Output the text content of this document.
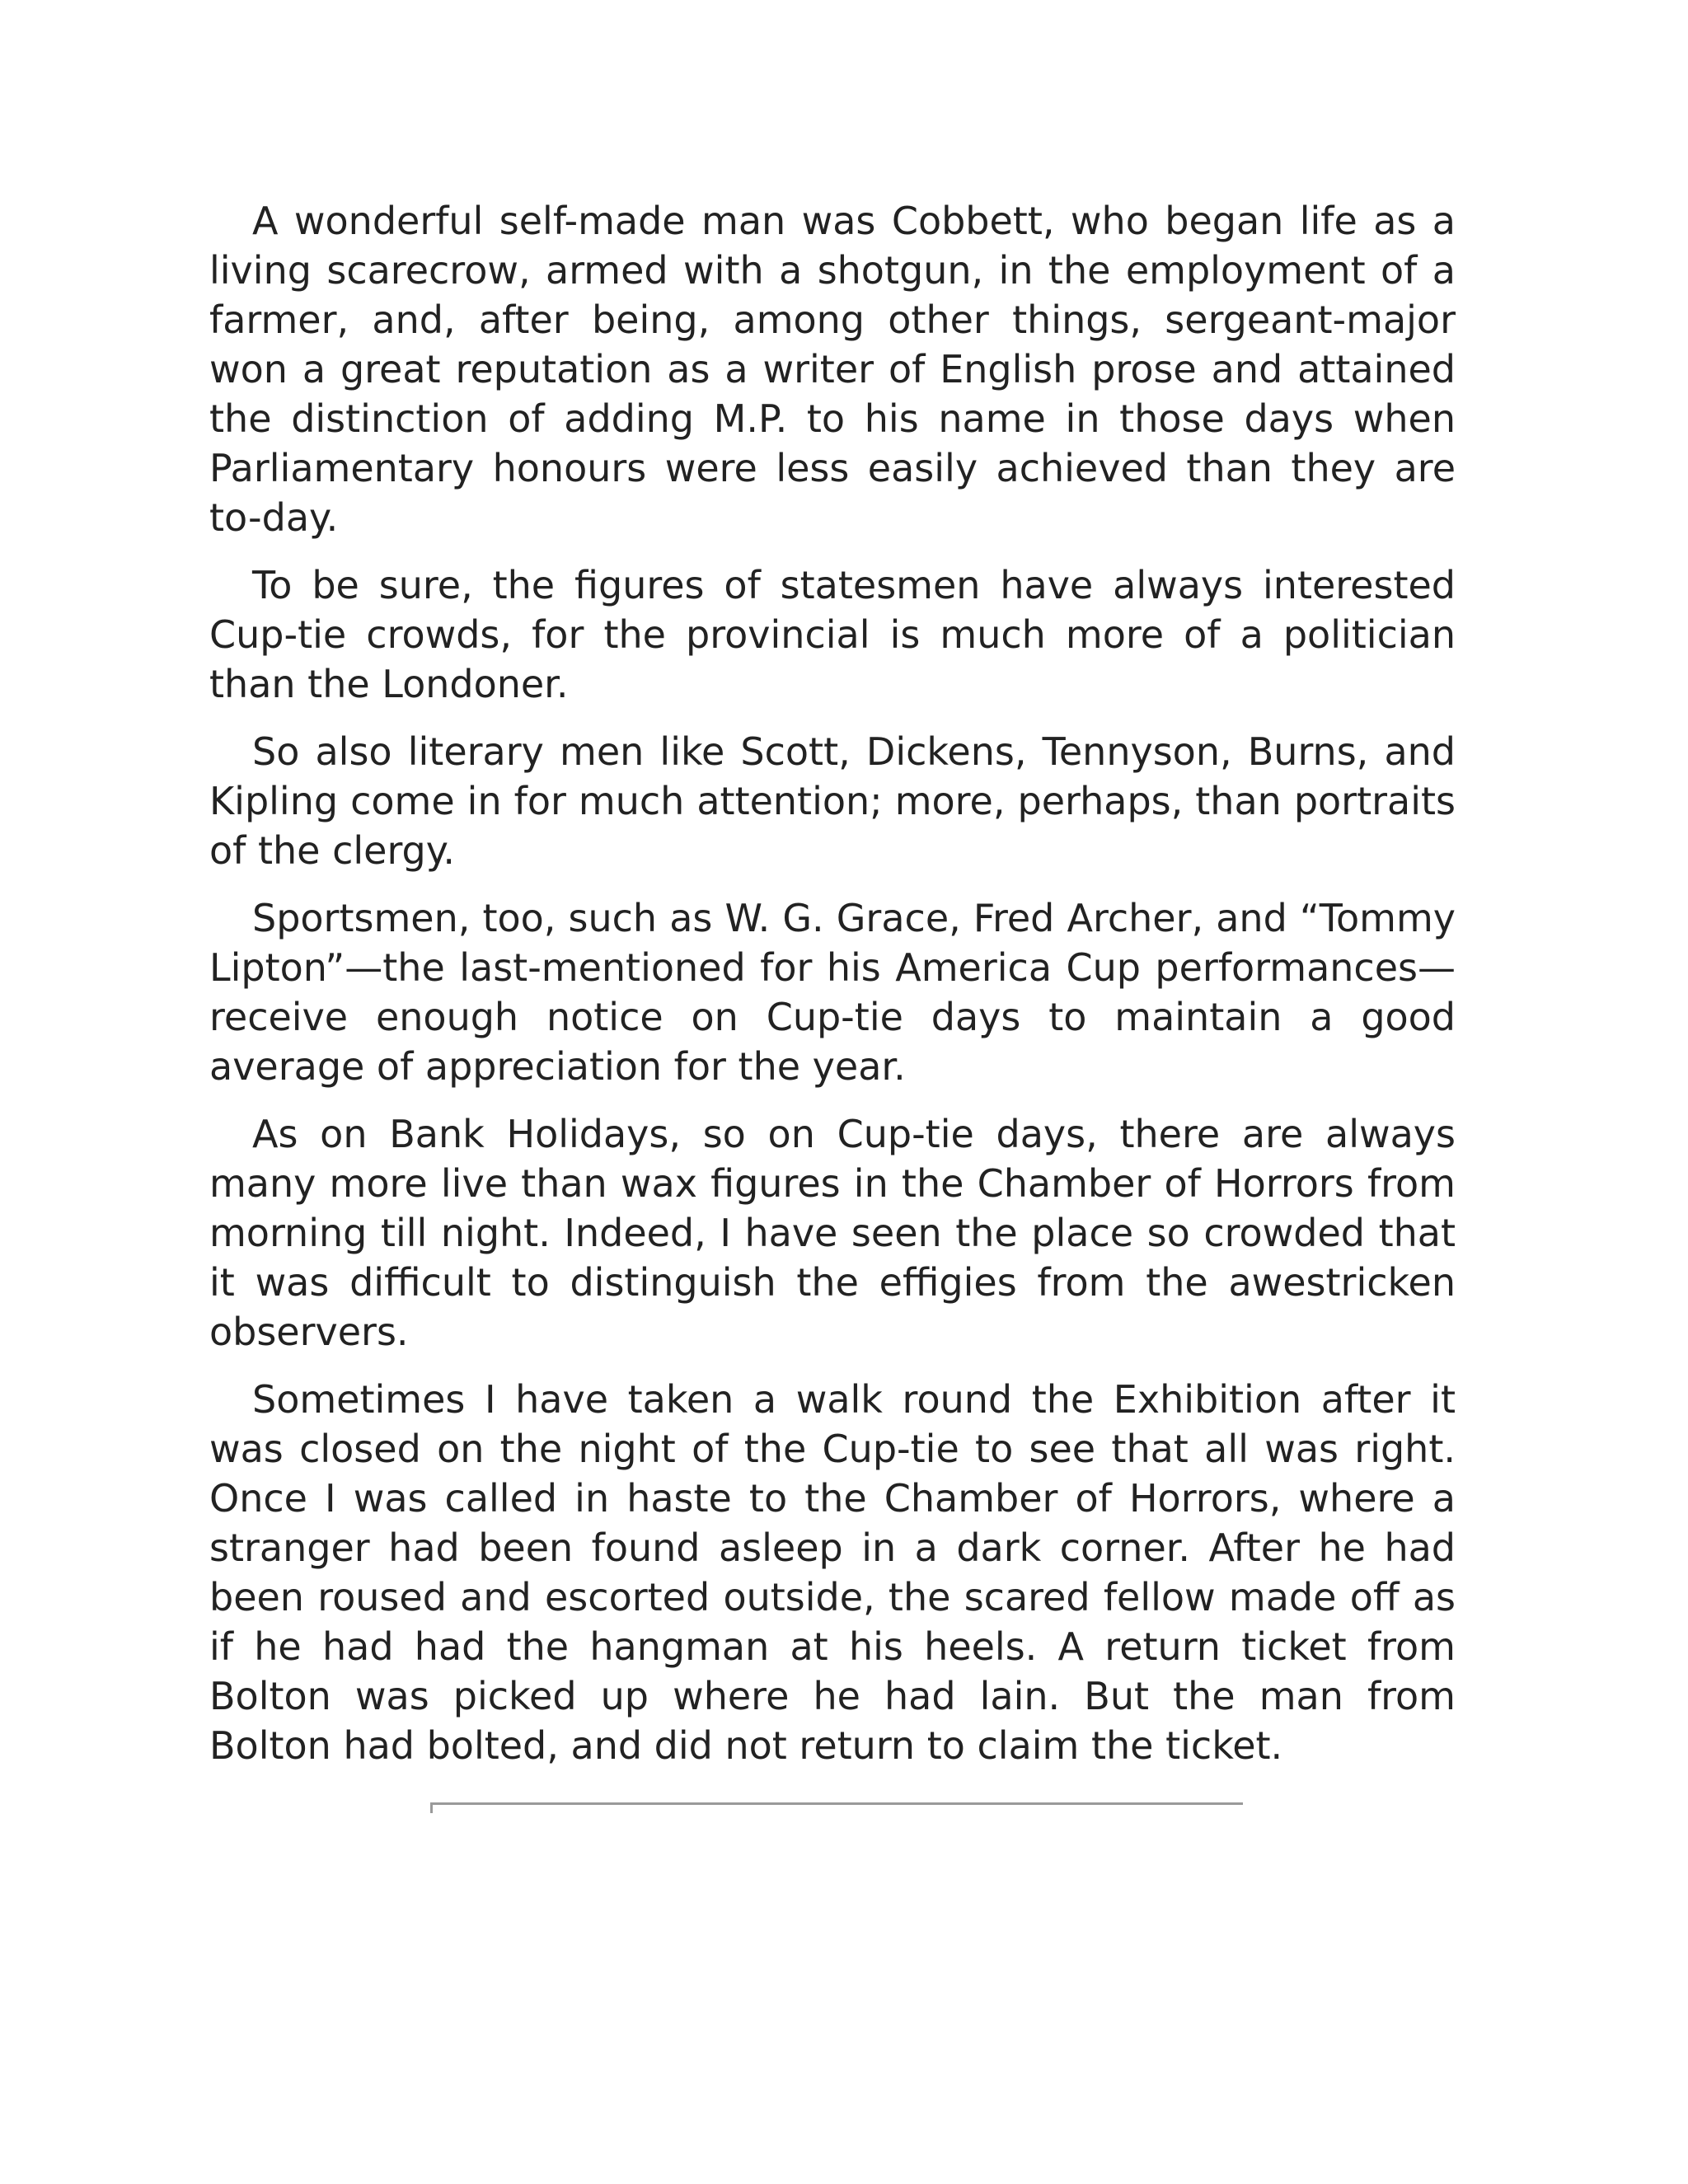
A wonderful self-made man was Cobbett, who began life as a living scarecrow, armed with a shotgun, in the employment of a farmer, and, after being, among other things, sergeant-major won a great reputation as a writer of English prose and attained the distinction of adding M.P. to his name in those days when Parliamentary honours were less easily achieved than they are to-day.

To be sure, the figures of statesmen have always interested Cup-tie crowds, for the provincial is much more of a politician than the Londoner.

So also literary men like Scott, Dickens, Tennyson, Burns, and Kipling come in for much attention; more, perhaps, than portraits of the clergy.

Sportsmen, too, such as W. G. Grace, Fred Archer, and “Tommy Lipton”—the last-mentioned for his America Cup performances—receive enough notice on Cup-tie days to maintain a good average of appreciation for the year.

As on Bank Holidays, so on Cup-tie days, there are always many more live than wax figures in the Chamber of Horrors from morning till night. Indeed, I have seen the place so crowded that it was difficult to distinguish the effigies from the awestricken observers.

Sometimes I have taken a walk round the Exhibition after it was closed on the night of the Cup-tie to see that all was right. Once I was called in haste to the Chamber of Horrors, where a stranger had been found asleep in a dark corner. After he had been roused and escorted outside, the scared fellow made off as if he had had the hangman at his heels. A return ticket from Bolton was picked up where he had lain. But the man from Bolton had bolted, and did not return to claim the ticket.
